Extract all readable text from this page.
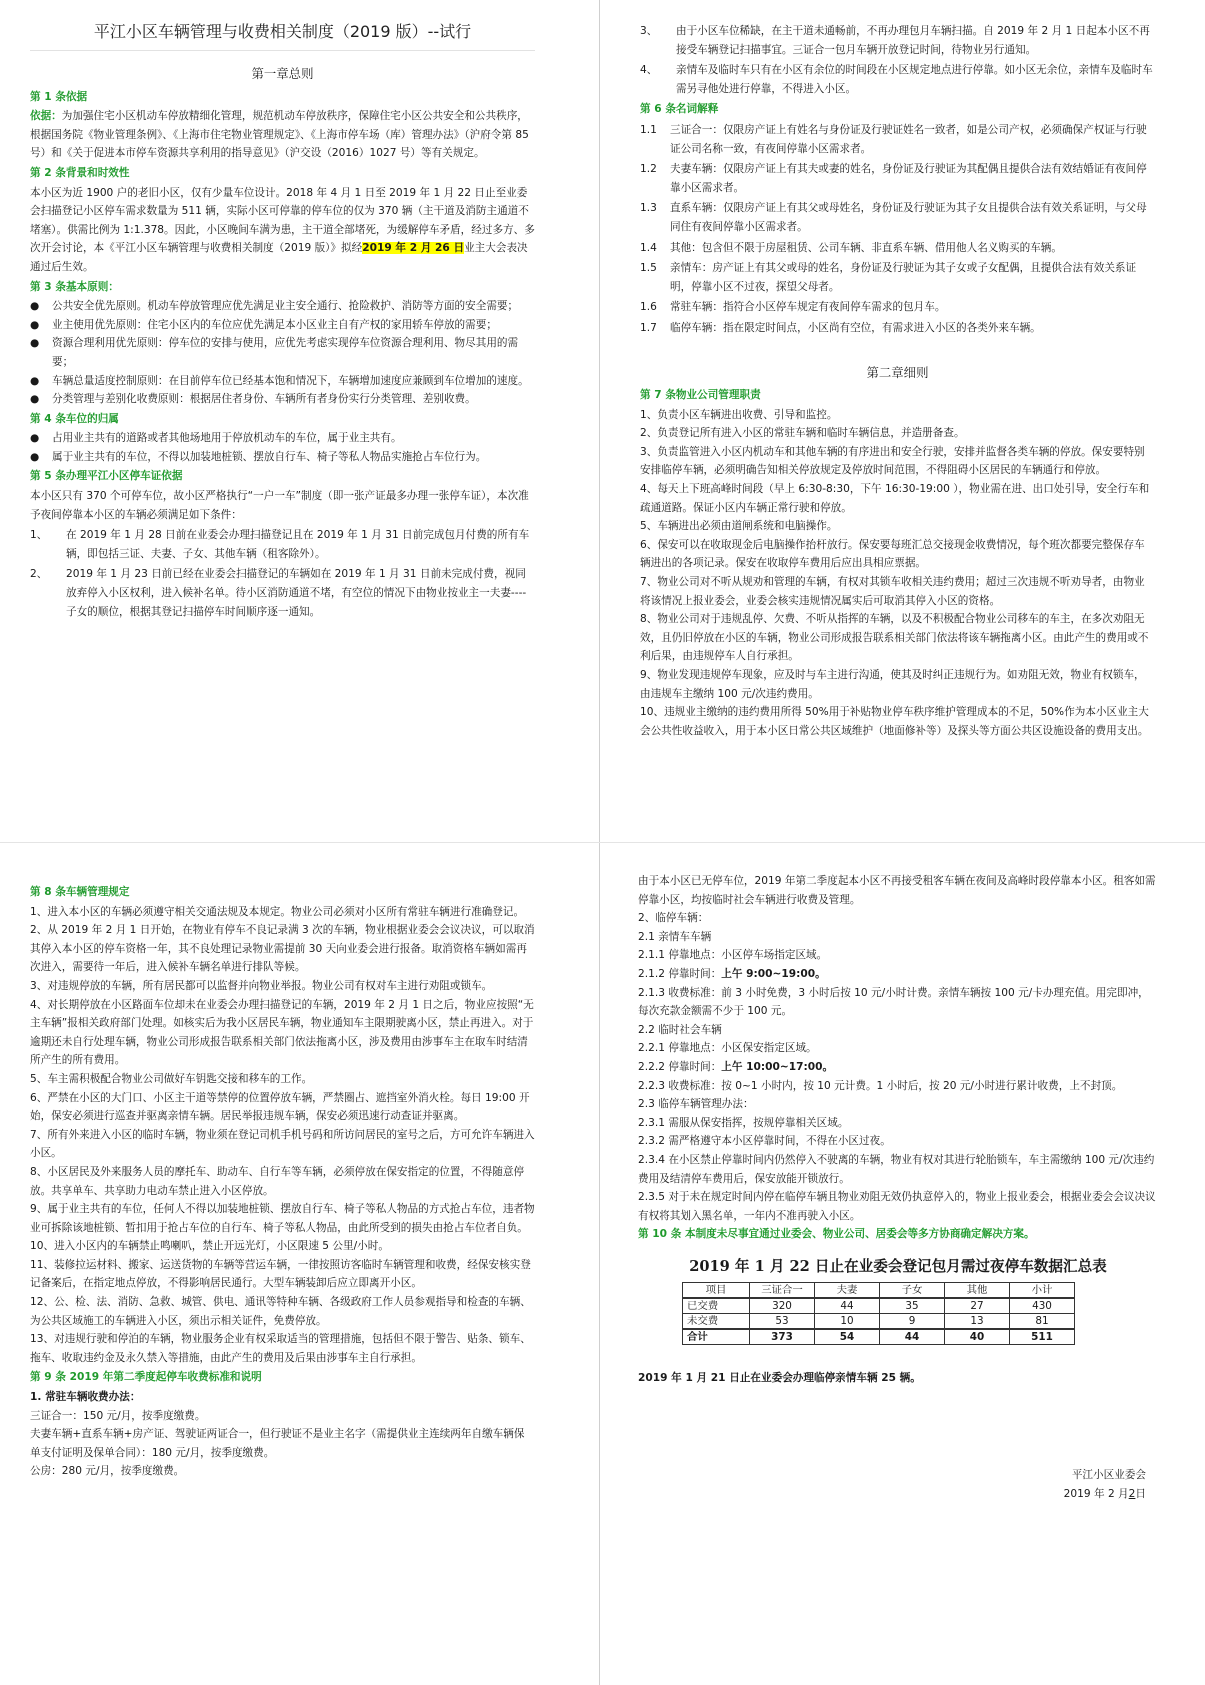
平江小区车辆管理与收费相关制度（2019 版）--试行
第一章总则
第 1 条依据

依据：为加强住宅小区机动车停放精细化管理，规范机动车停放秩序，保障住宅小区公共安全和公共秩序，根据国务院《物业管理条例》、《上海市住宅物业管理规定》、《上海市停车场（库）管理办法》（沪府令第 85 号）和《关于促进本市停车资源共享利用的指导意见》（沪交设（2016）1027 号）等有关规定。

第 2 条背景和时效性

本小区为近 1900 户的老旧小区，仅有少量车位设计。2018 年 4 月 1 日至 2019 年 1 月 22 日止至业委会扫描登记小区停车需求数量为 511 辆，实际小区可停靠的停车位的仅为 370 辆（主干道及消防主通道不堵塞）。供需比例为 1:1.378。因此，小区晚间车满为患，主干道全部堵死，为缓解停车矛盾，经过多方、多次开会讨论，本《平江小区车辆管理与收费相关制度（2019 版）》拟经2019 年 2 月 26 日业主大会表决通过后生效。

第 3 条基本原则：
●	公共安全优先原则。机动车停放管理应优先满足业主安全通行、抢险救护、消防等方面的安全需要；
●	业主使用优先原则：住宅小区内的车位应优先满足本小区业主自有产权的家用轿车停放的需要；
●	资源合理利用优先原则：停车位的安排与使用，应优先考虑实现停车位资源合理利用、物尽其用的需要；
●	车辆总量适度控制原则：在目前停车位已经基本饱和情况下，车辆增加速度应兼顾到车位增加的速度。
●	分类管理与差别化收费原则：根据居住者身份、车辆所有者身份实行分类管理、差别收费。
第 4 条车位的归属
●	占用业主共有的道路或者其他场地用于停放机动车的车位，属于业主共有。
●	属于业主共有的车位，不得以加装地桩锁、摆放自行车、椅子等私人物品实施抢占车位行为。
第 5 条办理平江小区停车证依据

本小区只有 370 个可停车位，故小区严格执行“一户一车”制度（即一张产证最多办理一张停车证），本次准予夜间停靠本小区的车辆必须满足如下条件：

1、	在 2019 年 1 月 28 日前在业委会办理扫描登记且在 2019 年 1 月 31 日前完成包月付费的所有车辆，即包括三证、夫妻、子女、其他车辆（租客除外）。
2、	2019 年 1 月 23 日前已经在业委会扫描登记的车辆如在 2019 年 1 月 31 日前未完成付费，视同放弃停入小区权利，进入候补名单。待小区消防通道不堵，有空位的情况下由物业按业主一夫妻----子女的顺位，根据其登记扫描停车时间顺序逐一通知。
3、	由于小区车位稀缺，在主干道未通畅前，不再办理包月车辆扫描。自 2019 年 2 月 1 日起本小区不再接受车辆登记扫描事宜。三证合一包月车辆开放登记时间，待物业另行通知。
4、	亲情车及临时车只有在小区有余位的时间段在小区规定地点进行停靠。如小区无余位，亲情车及临时车需另寻他处进行停靠，不得进入小区。
第 6 条名词解释
1.1	三证合一：仅限房产证上有姓名与身份证及行驶证姓名一致者，如是公司产权，必须确保产权证与行驶证公司名称一致，有夜间停靠小区需求者。
1.2	夫妻车辆：仅限房产证上有其夫或妻的姓名，身份证及行驶证为其配偶且提供合法有效结婚证有夜间停靠小区需求者。
1.3	直系车辆：仅限房产证上有其父或母姓名，身份证及行驶证为其子女且提供合法有效关系证明，与父母同住有夜间停靠小区需求者。
1.4	其他：包含但不限于房屋租赁、公司车辆、非直系车辆、借用他人名义购买的车辆。
1.5	亲情车：房产证上有其父或母的姓名，身份证及行驶证为其子女或子女配偶，且提供合法有效关系证明，停靠小区不过夜，探望父母者。
1.6	常驻车辆：指符合小区停车规定有夜间停车需求的包月车。
1.7	临停车辆：指在限定时间点，小区尚有空位，有需求进入小区的各类外来车辆。
第二章细则
第 7 条物业公司管理职责

1、负责小区车辆进出收费、引导和监控。

2、负责登记所有进入小区的常驻车辆和临时车辆信息，并造册备查。

3、负责监管进入小区内机动车和其他车辆的有序进出和安全行驶，安排并监督各类车辆的停放。保安要特别安排临停车辆，必须明确告知相关停放规定及停放时间范围，不得阻碍小区居民的车辆通行和停放。

4、每天上下班高峰时间段（早上 6:30-8:30，下午 16:30-19:00 ），物业需在进、出口处引导，安全行车和疏通道路。保证小区内车辆正常行驶和停放。

5、车辆进出必须由道闸系统和电脑操作。

6、保安可以在收取现金后电脑操作抬杆放行。保安要每班汇总交接现金收费情况，每个班次都要完整保存车辆进出的各项记录。保安在收取停车费用后应出具相应票据。

7、物业公司对不听从规劝和管理的车辆，有权对其锁车收相关违约费用；超过三次违规不听劝导者，由物业将该情况上报业委会，业委会核实违规情况属实后可取消其停入小区的资格。

8、物业公司对于违规乱停、欠费、不听从指挥的车辆，以及不积极配合物业公司移车的车主，在多次劝阻无效，且仍旧停放在小区的车辆，物业公司形成报告联系相关部门依法将该车辆拖离小区。由此产生的费用或不利后果，由违规停车人自行承担。

9、物业发现违规停车现象，应及时与车主进行沟通，使其及时纠正违规行为。如劝阻无效，物业有权锁车，由违规车主缴纳 100 元/次违约费用。

10、违规业主缴纳的违约费用所得 50%用于补贴物业停车秩序维护管理成本的不足，50%作为本小区业主大会公共性收益收入，用于本小区日常公共区域维护（地面修补等）及探头等方面公共区设施设备的费用支出。

第 8 条车辆管理规定

1、进入本小区的车辆必须遵守相关交通法规及本规定。物业公司必须对小区所有常驻车辆进行准确登记。

2、从 2019 年 2 月 1 日开始，在物业有停车不良记录满 3 次的车辆，物业根据业委会会议决议，可以取消其停入本小区的停车资格一年，其不良处理记录物业需提前 30 天向业委会进行报备。取消资格车辆如需再次进入，需要待一年后，进入候补车辆名单进行排队等候。

3、对违规停放的车辆，所有居民都可以监督并向物业举报。物业公司有权对车主进行劝阻或锁车。

4、对长期停放在小区路面车位却未在业委会办理扫描登记的车辆，2019 年 2 月 1 日之后，物业应按照“无主车辆”报相关政府部门处理。如核实后为我小区居民车辆，物业通知车主限期驶离小区，禁止再进入。对于逾期还未自行处理车辆，物业公司形成报告联系相关部门依法拖离小区，涉及费用由涉事车主在取车时结清所产生的所有费用。

5、车主需积极配合物业公司做好车钥匙交接和移车的工作。

6、严禁在小区的大门口、小区主干道等禁停的位置停放车辆，严禁圈占、遮挡室外消火栓。每日 19:00 开始，保安必须进行巡查并驱离亲情车辆。居民举报违规车辆，保安必须迅速行动查证并驱离。

7、所有外来进入小区的临时车辆，物业须在登记司机手机号码和所访问居民的室号之后，方可允许车辆进入小区。

8、小区居民及外来服务人员的摩托车、助动车、自行车等车辆，必须停放在保安指定的位置，不得随意停放。共享单车、共享助力电动车禁止进入小区停放。

9、属于业主共有的车位，任何人不得以加装地桩锁、摆放自行车、椅子等私人物品的方式抢占车位，违者物业可拆除该地桩锁、暂扣用于抢占车位的自行车、椅子等私人物品，由此所受到的损失由抢占车位者自负。

10、进入小区内的车辆禁止鸣喇叭，禁止开远光灯，小区限速 5 公里/小时。

11、装修拉运材料、搬家、运送货物的车辆等营运车辆，一律按照访客临时车辆管理和收费，经保安核实登记备案后，在指定地点停放，不得影响居民通行。大型车辆装卸后应立即离开小区。

12、公、检、法、消防、急救、城管、供电、通讯等特种车辆、各级政府工作人员参观指导和检查的车辆、为公共区域施工的车辆进入小区，须出示相关证件，免费停放。

13、对违规行驶和停泊的车辆，物业服务企业有权采取适当的管理措施，包括但不限于警告、贴条、锁车、拖车、收取违约金及永久禁入等措施，由此产生的费用及后果由涉事车主自行承担。

第 9 条 2019 年第二季度起停车收费标准和说明
1. 常驻车辆收费办法：

三证合一：150 元/月，按季度缴费。

夫妻车辆+直系车辆+房产证、驾驶证两证合一，但行驶证不是业主名字（需提供业主连续两年自缴车辆保单支付证明及保单合同）：180 元/月，按季度缴费。

公房：280 元/月，按季度缴费。

由于本小区已无停车位，2019 年第二季度起本小区不再接受租客车辆在夜间及高峰时段停靠本小区。租客如需停靠小区，均按临时社会车辆进行收费及管理。

2、临停车辆：

2.1 亲情车车辆

2.1.1 停靠地点：小区停车场指定区域。

2.1.2 停靠时间：上午 9:00~19:00。

2.1.3 收费标准：前 3 小时免费，3 小时后按 10 元/小时计费。亲情车辆按 100 元/卡办理充值。用完即冲，每次充款金额需不少于 100 元。

2.2 临时社会车辆

2.2.1 停靠地点：小区保安指定区域。

2.2.2 停靠时间：上午 10:00~17:00。

2.2.3 收费标准：按 0~1 小时内，按 10 元计费。1 小时后，按 20 元/小时进行累计收费，上不封顶。

2.3 临停车辆管理办法：

2.3.1 需服从保安指挥，按规停靠相关区域。

2.3.2 需严格遵守本小区停靠时间，不得在小区过夜。

2.3.4 在小区禁止停靠时间内仍然停入不驶离的车辆，物业有权对其进行轮胎锁车，车主需缴纳 100 元/次违约费用及结清停车费用后，保安放能开锁放行。

2.3.5 对于未在规定时间内停在临停车辆且物业劝阻无效仍执意停入的，物业上报业委会，根据业委会会议决议有权将其划入黑名单，一年内不准再驶入小区。

第 10 条 本制度未尽事宜通过业委会、物业公司、居委会等多方协商确定解决方案。

2019 年 1 月 22 日止在业委会登记包月需过夜停车数据汇总表
项目	三证合一	夫妻	子女	其他	小计
已交费	320	44	35	27	430
未交费	53	10	9	13	81
合计	373	54	44	40	511

2019 年 1 月 21 日止在业委会办理临停亲情车辆 25 辆。

平江小区业委会
2019 年 2 月2日
